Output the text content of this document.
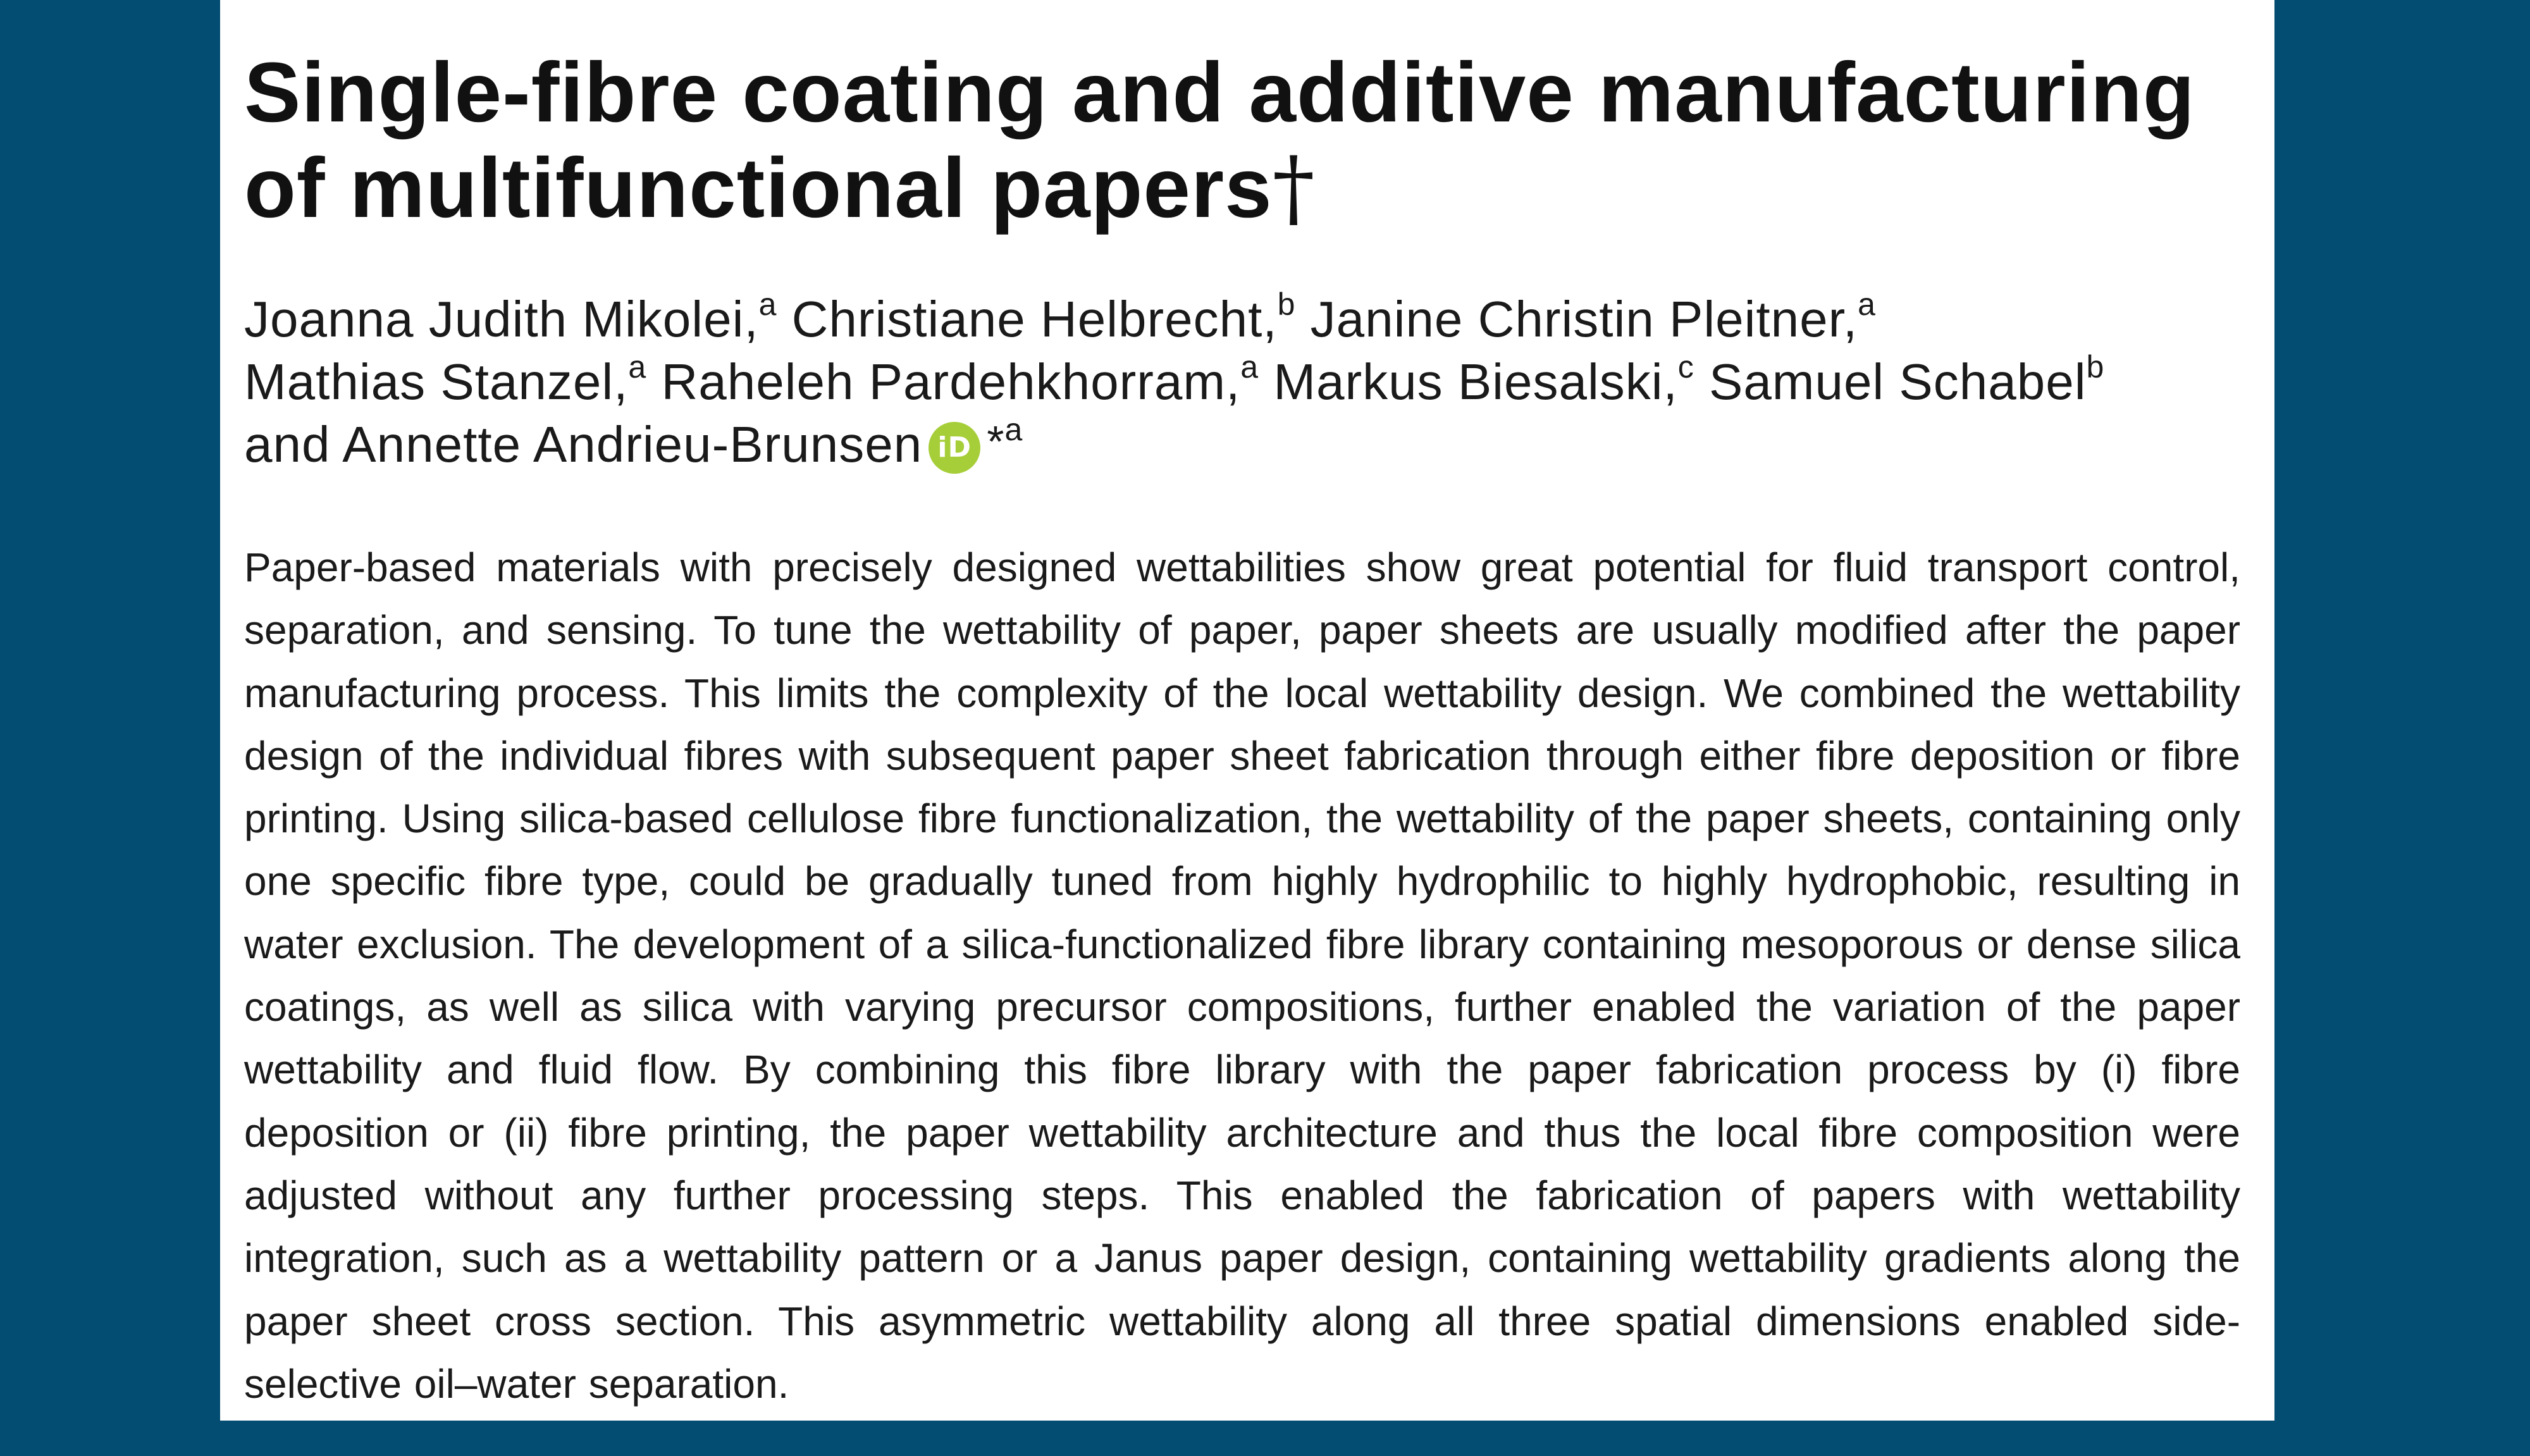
Single-fibre coating and additive manufacturing of multifunctional papers†
Joanna Judith Mikolei,$^a$ Christiane Helbrecht,$^b$ Janine Christin Pleitner,$^a$
Mathias Stanzel,$^a$ Raheleh Pardehkhorram,$^a$ Markus Biesalski,$^c$ Samuel Schabel$^b$
and Annette Andrieu-Brunsen iD *$^a$

Paper-based materials with precisely designed wettabilities show great potential for fluid transport control, separation, and sensing. To tune the wettability of paper, paper sheets are usually modified after the paper manufacturing process. This limits the complexity of the local wettability design. We combined the wettability design of the individual fibres with subsequent paper sheet fabrication through either fibre deposition or fibre printing. Using silica-based cellulose fibre functionalization, the wettability of the paper sheets, containing only one specific fibre type, could be gradually tuned from highly hydrophilic to highly hydrophobic, resulting in water exclusion. The development of a silica-functionalized fibre library containing mesoporous or dense silica coatings, as well as silica with varying precursor compositions, further enabled the variation of the paper wettability and fluid flow. By combining this fibre library with the paper fabrication process by (i) fibre deposition or (ii) fibre printing, the paper wettability architecture and thus the local fibre composition were adjusted without any further processing steps. This enabled the fabrication of papers with wettability integration, such as a wettability pattern or a Janus paper design, containing wettability gradients along the paper sheet cross section. This asymmetric wettability along all three spatial dimensions enabled side-selective oil–water separation.
